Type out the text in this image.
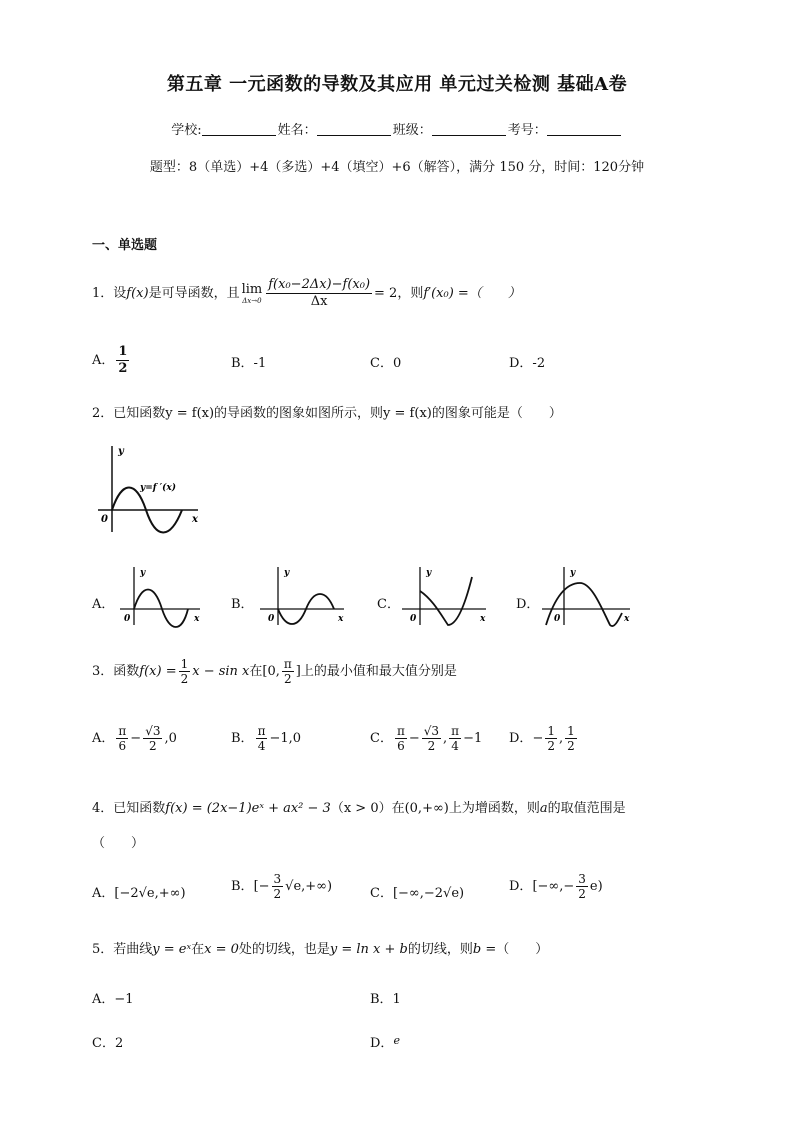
第五章 一元函数的导数及其应用 单元过关检测 基础A卷
学校:	姓名：	班级：	考号：
题型：8（单选）+4（多选）+4（填空）+6（解答），满分 150 分，时间：120分钟
一、单选题
1．设f(x)是可导函数，且 lim
$\Delta x\to 0 \frac{\text{f(x₀−2Δx)−f(x₀)}}{\Delta x} = 2$，则f′(x₀) =（　　）
A． $\frac{1}{2}$	B．-1	C．0	D．-2
2．已知函数y = f(x)的导函数的图象如图所示，则y = f(x)的图象可能是（　　）
y
x
0
y=f ′(x)
A．
y
x
0
B．
y
x
0
C．
y
x
0
D．
y
x
0
3．函数$f(x) = \frac{1}{2}$ x − sin x在[0, $\frac{\pi}{2}$ ]上的最小值和最大值分别是
A． $\frac{\pi}{6} - \frac{√3}{2} ,0$	B． $\frac{\pi}{4} -1,0$	C． $\frac{\pi}{6} - \frac{√3}{2}$ , $\frac{\pi}{4} -1$ D．− $\frac{1}{2}$ , $\frac{1}{2}$
4．已知函数f(x) = (2x−1)eˣ + ax² − 3（x > 0）在(0,+∞)上为增函数，则a的取值范围是
（　　）
A．[−2√e,+∞)	B．[− $\frac{3}{2} √e,+\infty$)	C．[−∞,−2√e)	D．[−∞,− $\frac{3}{2} e$)
5．若曲线y = eˣ在x = 0处的切线，也是y = ln x + b的切线，则b =（　　）
A．−1	B．1
C．2	D．$^e$
